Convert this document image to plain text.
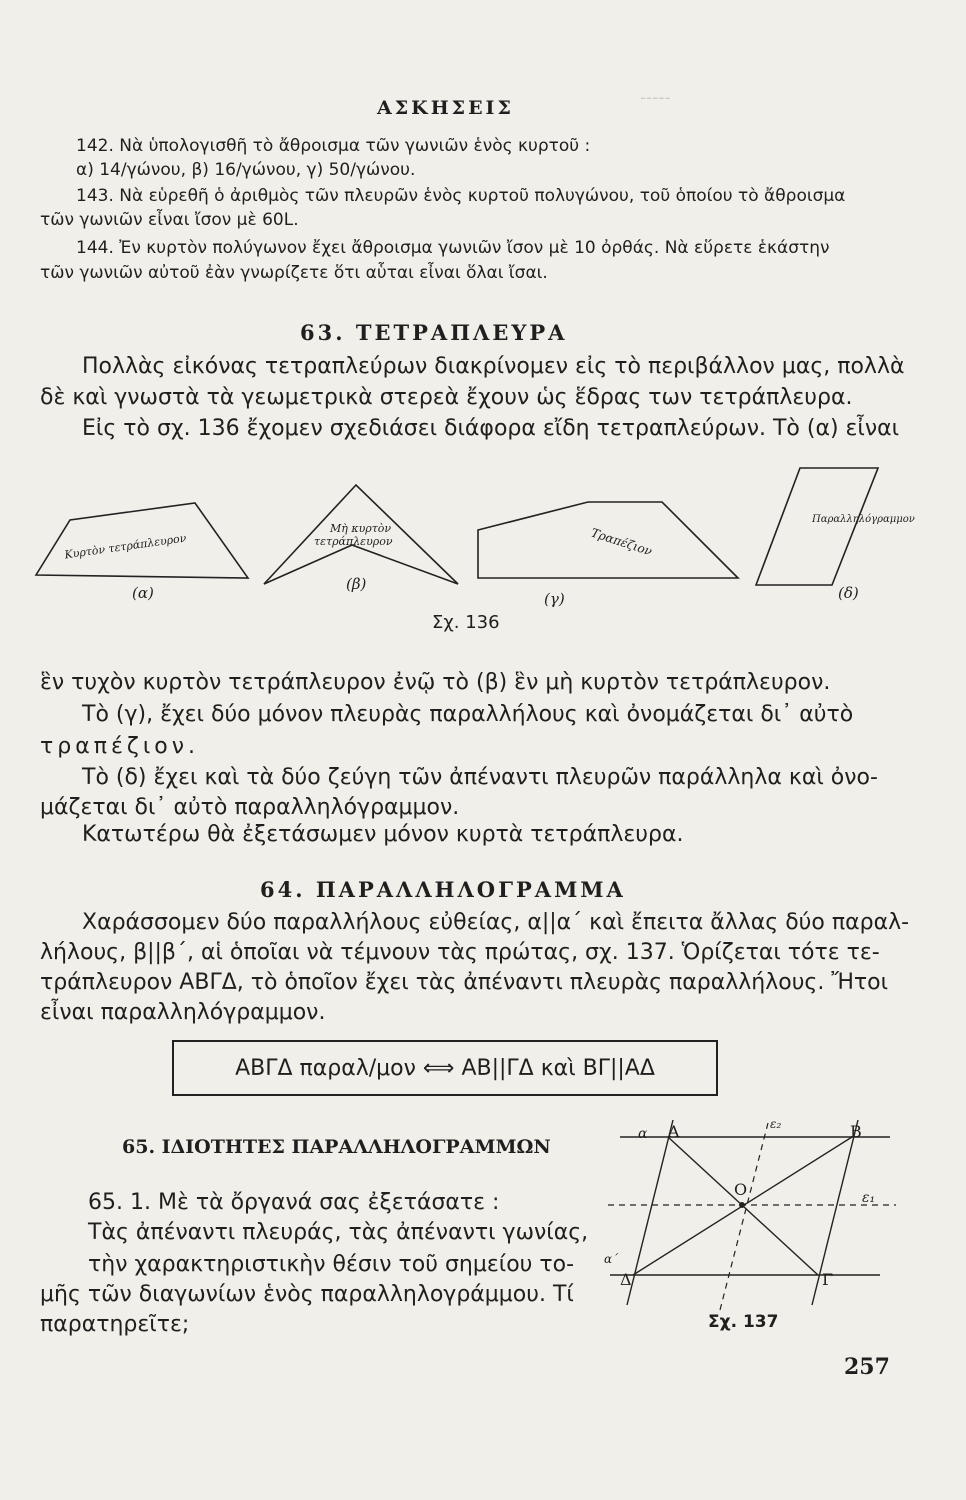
-----
ΑΣΚΗΣΕΙΣ
142. Νὰ ὑπολογισθῆ τὸ ἄθροισμα τῶν γωνιῶν ἑνὸς κυρτοῦ :
α) 14/γώνου, β) 16/γώνου, γ) 50/γώνου.
143. Νὰ εὑρεθῆ ὁ ἀριθμὸς τῶν πλευρῶν ἑνὸς κυρτοῦ πολυγώνου, τοῦ ὁποίου τὸ ἄθροισμα
τῶν γωνιῶν εἶναι ἴσον μὲ 60L.
144. Ἐν κυρτὸν πολύγωνον ἔχει ἄθροισμα γωνιῶν ἴσον μὲ 10 ὀρθάς. Νὰ εὕρετε ἑκάστην
τῶν γωνιῶν αὐτοῦ ἐὰν γνωρίζετε ὅτι αὗται εἶναι ὅλαι ἴσαι.
63. ΤΕΤΡΑΠΛΕΥΡΑ
Πολλὰς εἰκόνας τετραπλεύρων διακρίνομεν εἰς τὸ περιβάλλον μας, πολλὰ
δὲ καὶ γνωστὰ τὰ γεωμετρικὰ στερεὰ ἔχουν ὡς ἕδρας των τετράπλευρα.
Εἰς τὸ σχ. 136 ἔχομεν σχεδιάσει διάφορα εἴδη τετραπλεύρων. Τὸ (α) εἶναι
Κυρτὸν τετράπλευρον
(α)
Μὴ κυρτὸν
τετράπλευρον
(β)
Τραπέζιον
(γ)
Παραλληλόγραμμον
(δ)
Σχ. 136
ἓν τυχὸν κυρτὸν τετράπλευρον ἐνῷ τὸ (β) ἓν μὴ κυρτὸν τετράπλευρον.
Τὸ (γ), ἔχει δύο μόνον πλευρὰς παραλλήλους καὶ ὀνομάζεται δι᾽ αὐτὸ
τραπέζιον.
Τὸ (δ) ἔχει καὶ τὰ δύο ζεύγη τῶν ἀπέναντι πλευρῶν παράλληλα καὶ ὀνο-
μάζεται δι᾽ αὐτὸ παραλληλόγραμμον.
Κατωτέρω θὰ ἐξετάσωμεν μόνον κυρτὰ τετράπλευρα.
64. ΠΑΡΑΛΛΗΛΟΓΡΑΜΜΑ
Χαράσσομεν δύο παραλλήλους εὐθείας, α||α΄ καὶ ἔπειτα ἄλλας δύο παραλ-
λήλους, β||β΄, αἱ ὁποῖαι νὰ τέμνουν τὰς πρώτας, σχ. 137. Ὁρίζεται τότε τε-
τράπλευρον ΑΒΓΔ, τὸ ὁποῖον ἔχει τὰς ἀπέναντι πλευρὰς παραλλήλους. Ἤτοι
εἶναι παραλληλόγραμμον.
ΑΒΓΔ παραλ/μον ⟺ ΑΒ||ΓΔ καὶ ΒΓ||ΑΔ
65. ΙΔΙΟΤΗΤΕΣ ΠΑΡΑΛΛΗΛΟΓΡΑΜΜΩΝ
65. 1. Μὲ τὰ ὄργανά σας ἐξετάσατε :
Τὰς ἀπέναντι πλευράς, τὰς ἀπέναντι γωνίας,
τὴν χαρακτηριστικὴν θέσιν τοῦ σημείου το-
μῆς τῶν διαγωνίων ἑνὸς παραλληλογράμμου. Τί
παρατηρεῖτε;
α Α	ε₂	Β
O	ε₁
α΄
Δ	Γ
Σχ. 137
257
